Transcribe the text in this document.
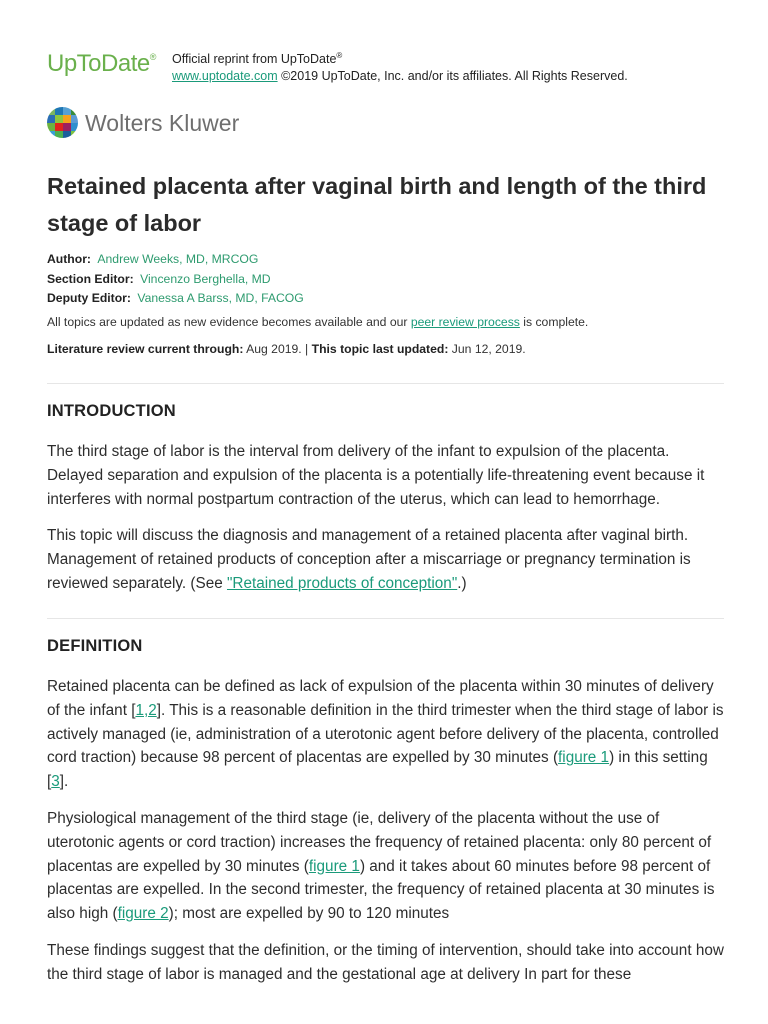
UpToDate® Official reprint from UpToDate®
www.uptodate.com ©2019 UpToDate, Inc. and/or its affiliates. All Rights Reserved.
Wolters Kluwer
Retained placenta after vaginal birth and length of the third stage of labor
Author: Andrew Weeks, MD, MRCOG
Section Editor: Vincenzo Berghella, MD
Deputy Editor: Vanessa A Barss, MD, FACOG
All topics are updated as new evidence becomes available and our peer review process is complete.
Literature review current through: Aug 2019. | This topic last updated: Jun 12, 2019.
INTRODUCTION

The third stage of labor is the interval from delivery of the infant to expulsion of the placenta. Delayed separation and expulsion of the placenta is a potentially life-threatening event because it interferes with normal postpartum contraction of the uterus, which can lead to hemorrhage.

This topic will discuss the diagnosis and management of a retained placenta after vaginal birth. Management of retained products of conception after a miscarriage or pregnancy termination is reviewed separately. (See "Retained products of conception".)

DEFINITION

Retained placenta can be defined as lack of expulsion of the placenta within 30 minutes of delivery of the infant [1,2]. This is a reasonable definition in the third trimester when the third stage of labor is actively managed (ie, administration of a uterotonic agent before delivery of the placenta, controlled cord traction) because 98 percent of placentas are expelled by 30 minutes (figure 1) in this setting [3].

Physiological management of the third stage (ie, delivery of the placenta without the use of uterotonic agents or cord traction) increases the frequency of retained placenta: only 80 percent of placentas are expelled by 30 minutes (figure 1) and it takes about 60 minutes before 98 percent of placentas are expelled. In the second trimester, the frequency of retained placenta at 30 minutes is also high (figure 2); most are expelled by 90 to 120 minutes

These findings suggest that the definition, or the timing of intervention, should take into account how the third stage of labor is managed and the gestational age at delivery In part for these
